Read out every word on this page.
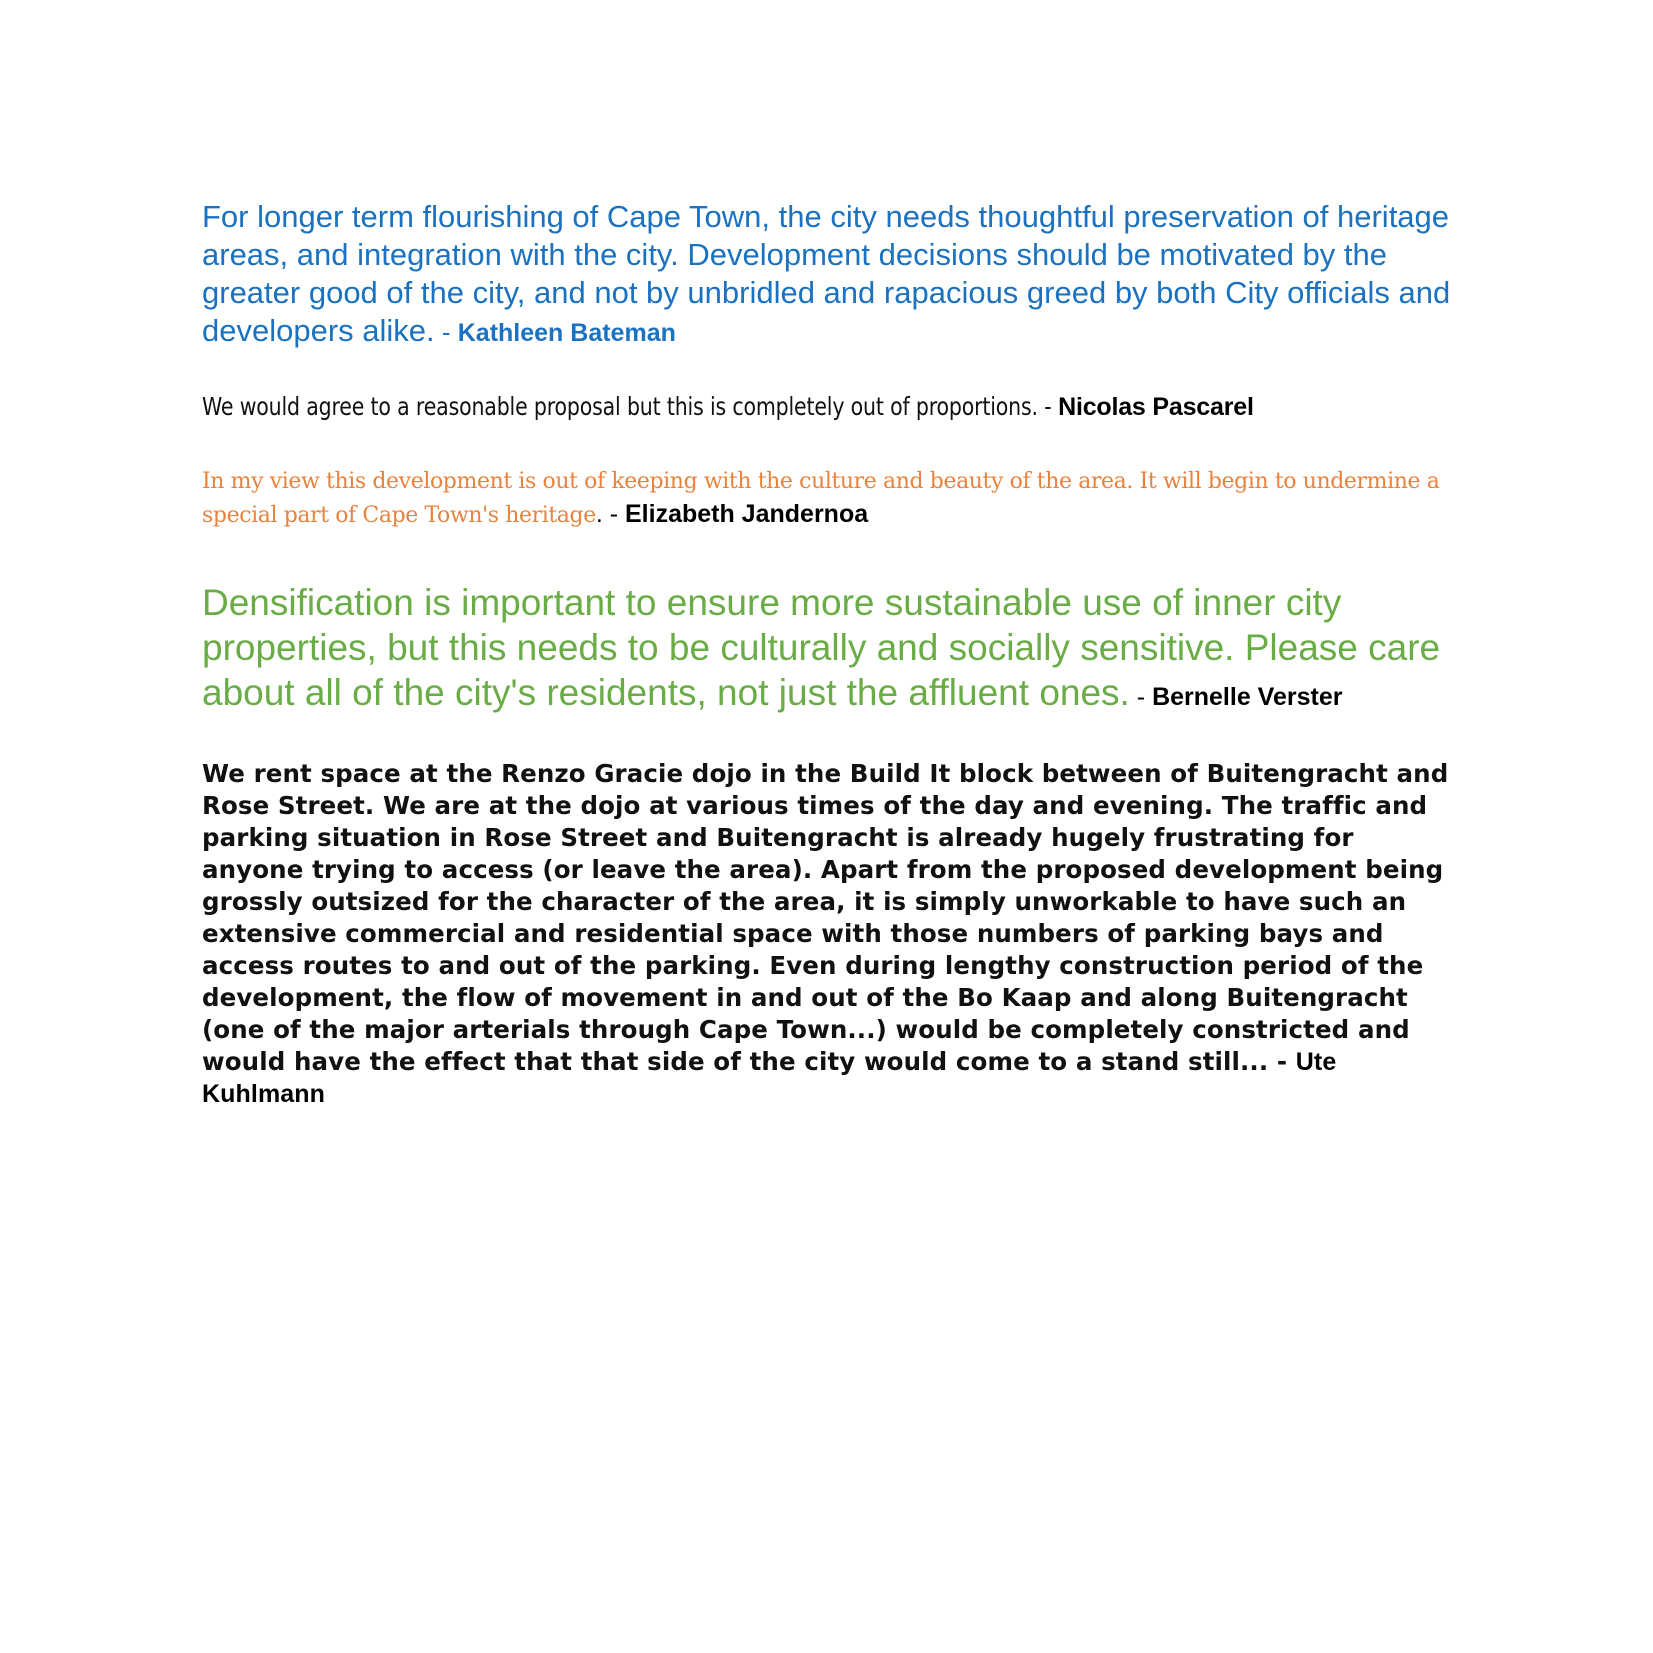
For longer term flourishing of Cape Town, the city needs thoughtful preservation of heritage areas, and integration with the city. Development decisions should be motivated by the greater good of the city, and not by unbridled and rapacious greed by both City officials and developers alike. - Kathleen Bateman

We would agree to a reasonable proposal but this is completely out of proportions. - Nicolas Pascarel

In my view this development is out of keeping with the culture and beauty of the area. It will begin to undermine a special part of Cape Town's heritage. - Elizabeth Jandernoa

Densification is important to ensure more sustainable use of inner city properties, but this needs to be culturally and socially sensitive. Please care about all of the city's residents, not just the affluent ones. - Bernelle Verster

We rent space at the Renzo Gracie dojo in the Build It block between of Buitengracht and Rose Street. We are at the dojo at various times of the day and evening. The traffic and parking situation in Rose Street and Buitengracht is already hugely frustrating for anyone trying to access (or leave the area). Apart from the proposed development being grossly outsized for the character of the area, it is simply unworkable to have such an extensive commercial and residential space with those numbers of parking bays and access routes to and out of the parking. Even during lengthy construction period of the development, the flow of movement in and out of the Bo Kaap and along Buitengracht (one of the major arterials through Cape Town...) would be completely constricted and would have the effect that that side of the city would come to a stand still... - Ute Kuhlmann
